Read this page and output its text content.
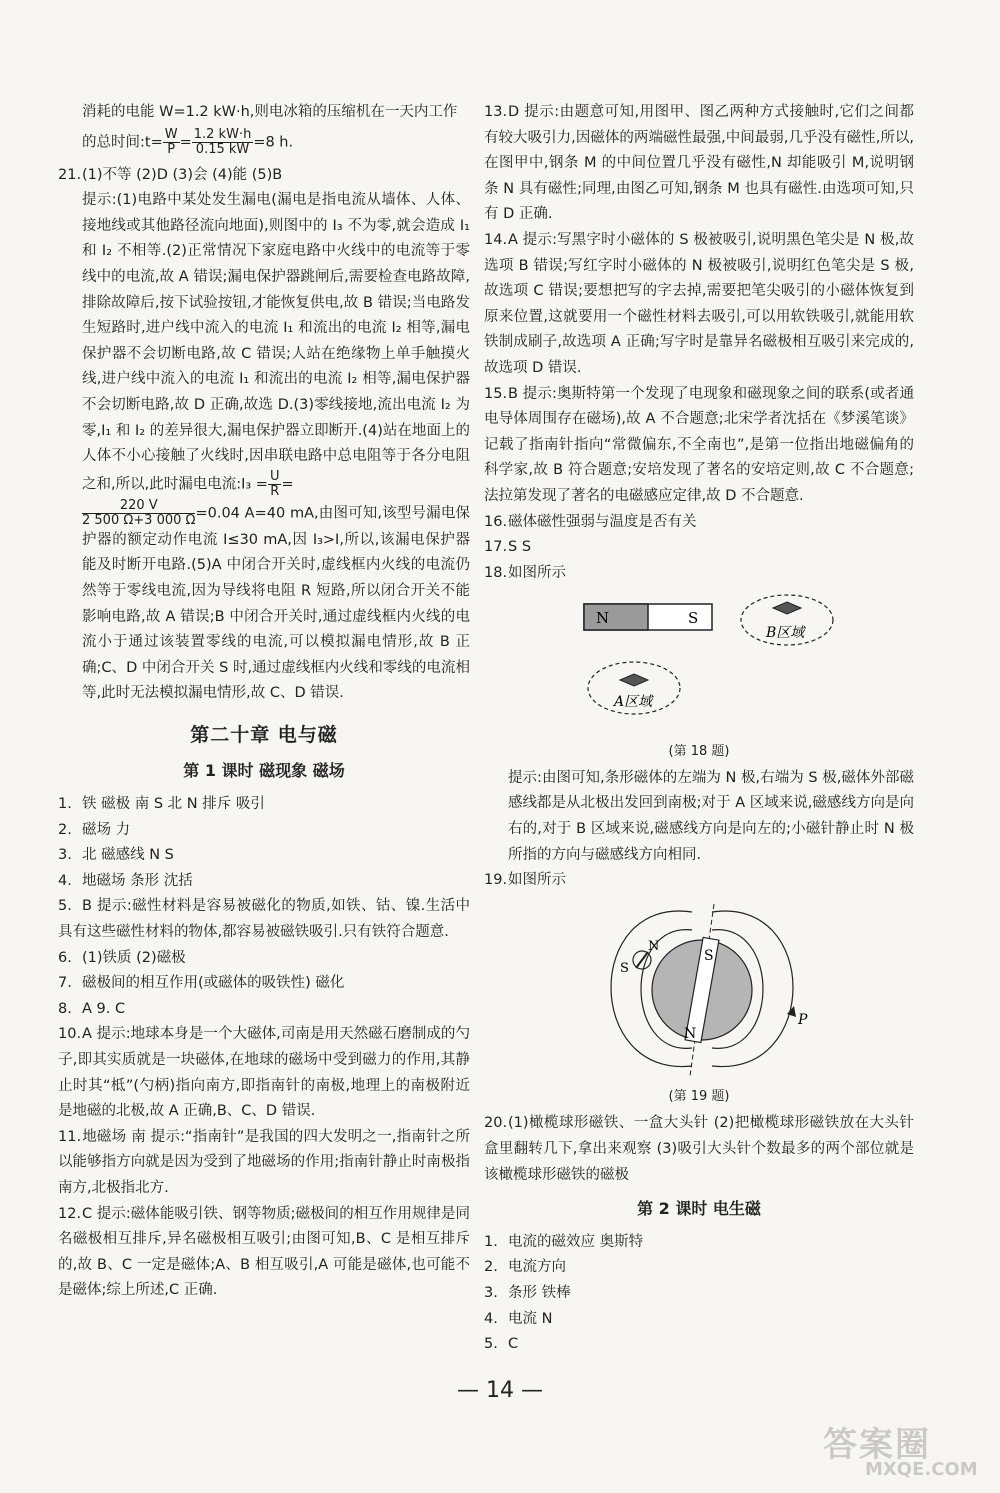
消耗的电能 W=1.2 kW·h,则电冰箱的压缩机在一天内工作

的总时间:t= $\frac{W}{P} = \frac{1.2 kW\cdot h}{0.15 kW} =8$ h.

21.(1)不等 (2)D (3)会 (4)能 (5)B

提示:(1)电路中某处发生漏电(漏电是指电流从墙体、人体、接地线或其他路径流向地面),则图中的 I₃ 不为零,就会造成 I₁ 和 I₂ 不相等.(2)正常情况下家庭电路中火线中的电流等于零线中的电流,故 A 错误;漏电保护器跳闸后,需要检查电路故障,排除故障后,按下试验按钮,才能恢复供电,故 B 错误;当电路发生短路时,进户线中流入的电流 I₁ 和流出的电流 I₂ 相等,漏电保护器不会切断电路,故 C 错误;人站在绝缘物上单手触摸火线,进户线中流入的电流 I₁ 和流出的电流 I₂ 相等,漏电保护器不会切断电路,故 D 正确,故选 D.(3)零线接地,流出电流 I₂ 为零,I₁ 和 I₂ 的差异很大,漏电保护器立即断开.(4)站在地面上的人体不小心接触了火线时,因串联电路中总电阻等于各分电阻之和,所以,此时漏电电流:I₃ = $\frac{U}{R}$ =

$\frac{220 V}{2 500 \Omega+3 000 \Omega} =0.04$ A=40 mA,由图可知,该型号漏电保护器的额定动作电流 I≤30 mA,因 I₃>I,所以,该漏电保护器能及时断开电路.(5)A 中闭合开关时,虚线框内火线的电流仍然等于零线电流,因为导线将电阻 R 短路,所以闭合开关不能影响电路,故 A 错误;B 中闭合开关时,通过虚线框内火线的电流小于通过该装置零线的电流,可以模拟漏电情形,故 B 正确;C、D 中闭合开关 S 时,通过虚线框内火线和零线的电流相等,此时无法模拟漏电情形,故 C、D 错误.

第二十章 电与磁
第 1 课时 磁现象 磁场

1. 铁 磁极 南 S 北 N 排斥 吸引

2. 磁场 力

3. 北 磁感线 N S

4. 地磁场 条形 沈括

5. B 提示:磁性材料是容易被磁化的物质,如铁、钴、镍.生活中具有这些磁性材料的物体,都容易被磁铁吸引.只有铁符合题意.

6. (1)铁质 (2)磁极

7. 磁极间的相互作用(或磁体的吸铁性) 磁化

8. A 9. C

10.A 提示:地球本身是一个大磁体,司南是用天然磁石磨制成的勺子,即其实质就是一块磁体,在地球的磁场中受到磁力的作用,其静止时其“柢”(勺柄)指向南方,即指南针的南极,地理上的南极附近是地磁的北极,故 A 正确,B、C、D 错误.

11.地磁场 南 提示:“指南针”是我国的四大发明之一,指南针之所以能够指方向就是因为受到了地磁场的作用;指南针静止时南极指南方,北极指北方.

12.C 提示:磁体能吸引铁、钢等物质;磁极间的相互作用规律是同名磁极相互排斥,异名磁极相互吸引;由图可知,B、C 是相互排斥的,故 B、C 一定是磁体;A、B 相互吸引,A 可能是磁体,也可能不是磁体;综上所述,C 正确.

13.D 提示:由题意可知,用图甲、图乙两种方式接触时,它们之间都有较大吸引力,因磁体的两端磁性最强,中间最弱,几乎没有磁性,所以,在图甲中,钢条 M 的中间位置几乎没有磁性,N 却能吸引 M,说明钢条 N 具有磁性;同理,由图乙可知,钢条 M 也具有磁性.由选项可知,只有 D 正确.

14.A 提示:写黑字时小磁体的 S 极被吸引,说明黑色笔尖是 N 极,故选项 B 错误;写红字时小磁体的 N 极被吸引,说明红色笔尖是 S 极,故选项 C 错误;要想把写的字去掉,需要把笔尖吸引的小磁体恢复到原来位置,这就要用一个磁性材料去吸引,可以用软铁吸引,就能用软铁制成刷子,故选项 A 正确;写字时是靠异名磁极相互吸引来完成的,故选项 D 错误.

15.B 提示:奥斯特第一个发现了电现象和磁现象之间的联系(或者通电导体周围存在磁场),故 A 不合题意;北宋学者沈括在《梦溪笔谈》记载了指南针指向“常微偏东,不全南也”,是第一位指出地磁偏角的科学家,故 B 符合题意;安培发现了著名的安培定则,故 C 不合题意;法拉第发现了著名的电磁感应定律,故 D 不合题意.

16.磁体磁性强弱与温度是否有关

17.S S

18.如图所示

N	S
B区域
A区域
(第 18 题)

提示:由图可知,条形磁体的左端为 N 极,右端为 S 极,磁体外部磁感线都是从北极出发回到南极;对于 A 区域来说,磁感线方向是向右的,对于 B 区域来说,磁感线方向是向左的;小磁针静止时 N 极所指的方向与磁感线方向相同.

19.如图所示

S
N
N
S
P
(第 19 题)

20.(1)橄榄球形磁铁、一盒大头针 (2)把橄榄球形磁铁放在大头针盒里翻转几下,拿出来观察 (3)吸引大头针个数最多的两个部位就是该橄榄球形磁铁的磁极

第 2 课时 电生磁

1. 电流的磁效应 奥斯特

2. 电流方向

3. 条形 铁棒

4. 电流 N

5. C

— 14 —
答案圈
MXQE.COM
